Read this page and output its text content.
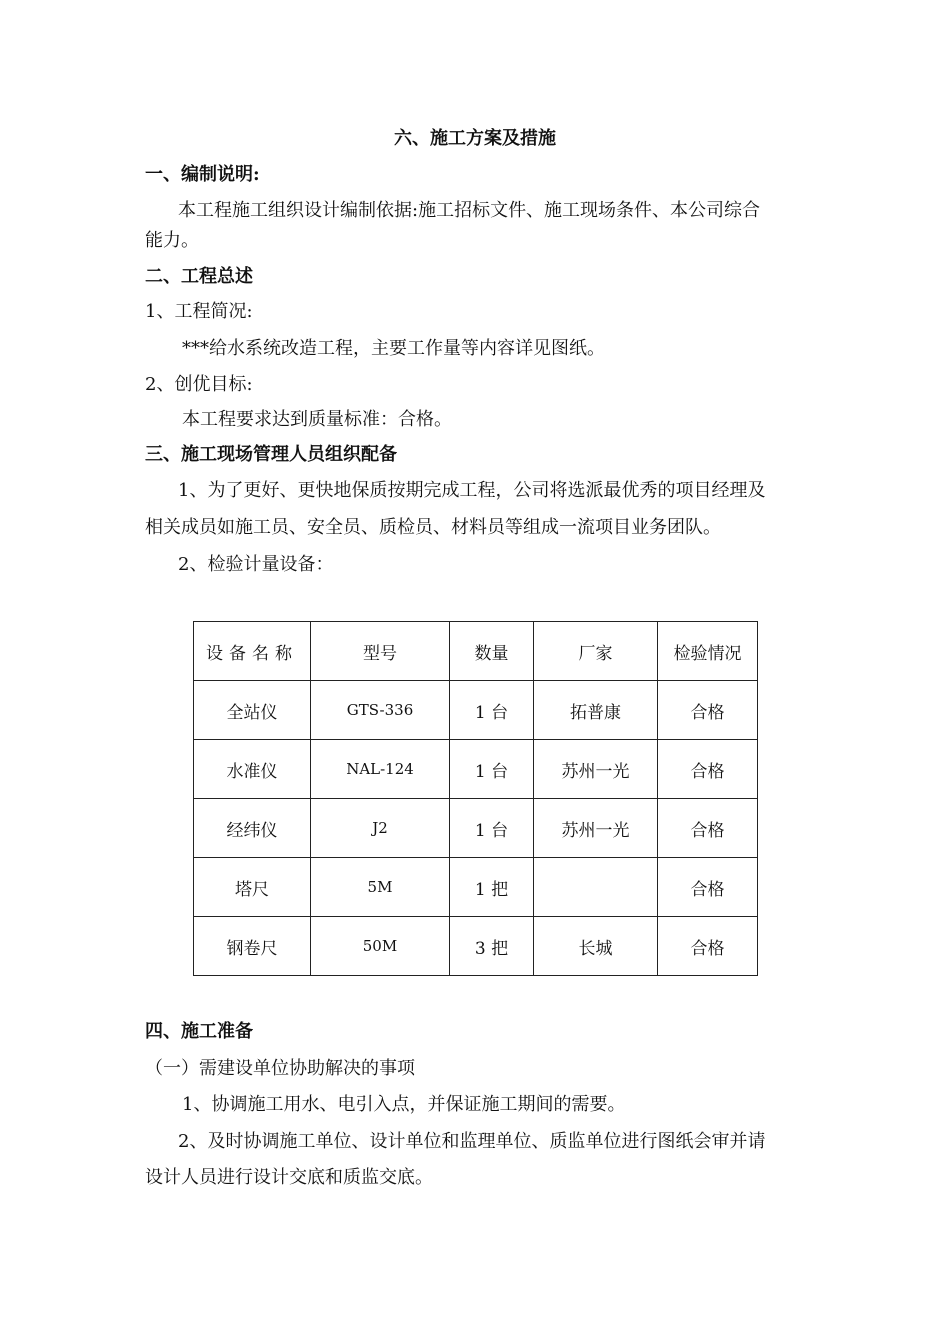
六、施工方案及措施
一、编制说明:
本工程施工组织设计编制依据:施工招标文件、施工现场条件、本公司综合
能力。
二、工程总述
1、工程简况:
***给水系统改造工程，主要工作量等内容详见图纸。
2、创优目标:
本工程要求达到质量标准：合格。
三、施工现场管理人员组织配备
1、为了更好、更快地保质按期完成工程，公司将选派最优秀的项目经理及
相关成员如施工员、安全员、质检员、材料员等组成一流项目业务团队。
2、检验计量设备：
设备名称	型号	数量	厂家	检验情况
全站仪	GTS-336	1 台	拓普康	合格
水准仪	NAL-124	1 台	苏州一光	合格
经纬仪	J2	1 台	苏州一光	合格
塔尺	5M	1 把		合格
钢卷尺	50M	3 把	长城	合格
四、施工准备
（一）需建设单位协助解决的事项
1、协调施工用水、电引入点，并保证施工期间的需要。
2、及时协调施工单位、设计单位和监理单位、质监单位进行图纸会审并请
设计人员进行设计交底和质监交底。
